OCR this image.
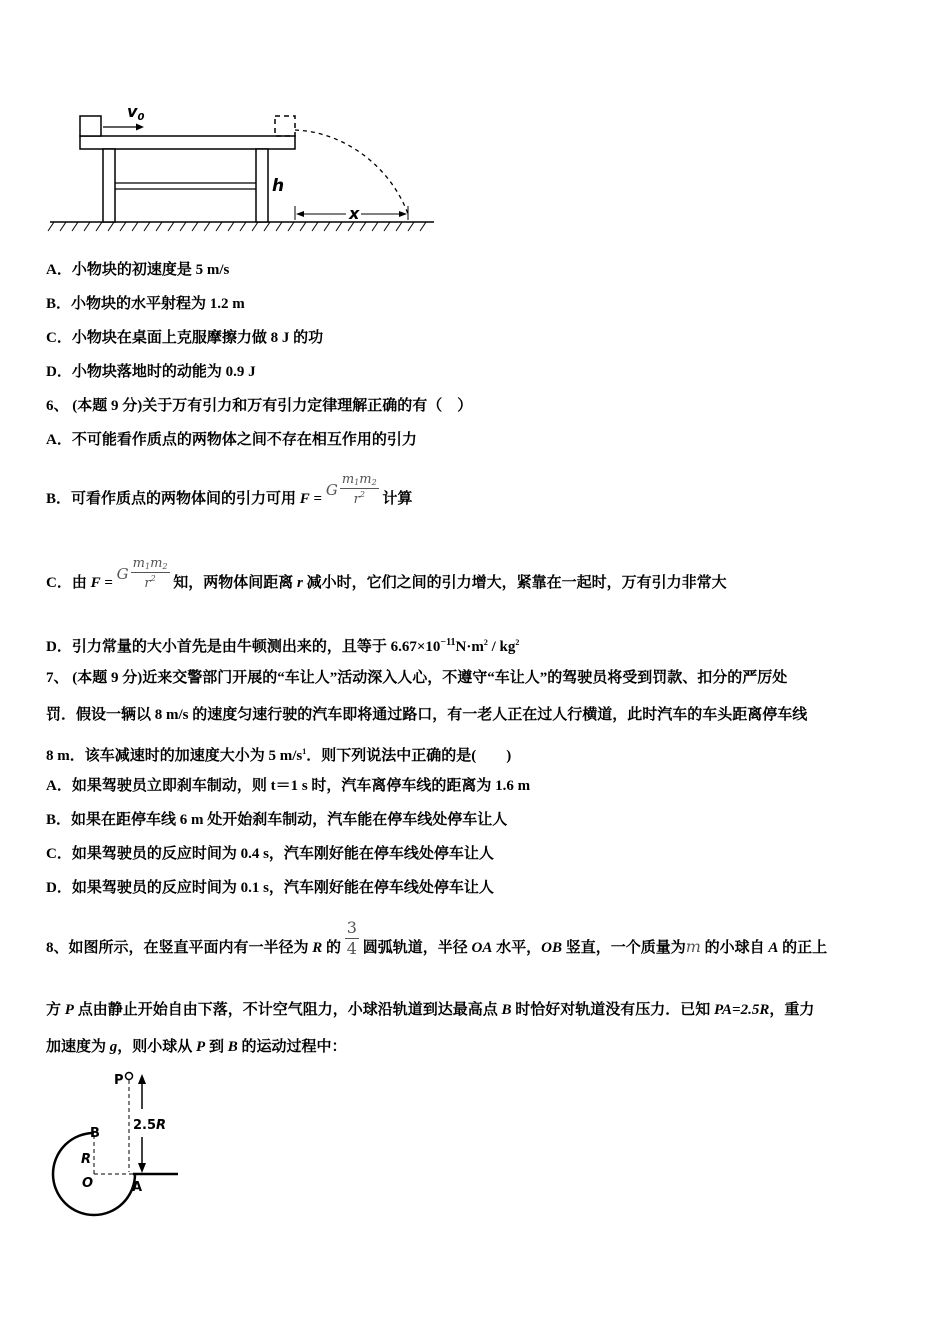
v0
h
x
A．小物块的初速度是 5 m/s
B．小物块的水平射程为 1.2 m
C．小物块在桌面上克服摩擦力做 8 J 的功
D．小物块落地时的动能为 0.9 J
6、 (本题 9 分)关于万有引力和万有引力定律理解正确的有（　）
A．不可能看作质点的两物体之间不存在相互作用的引力
B．可看作质点的两物体间的引力可用 F = G $\frac{m_1m_2}{r^2}$ 计算
C．由 F = G $\frac{m_1m_2}{r^2}$ 知，两物体间距离 r 减小时，它们之间的引力增大，紧靠在一起时，万有引力非常大
D．引力常量的大小首先是由牛顿测出来的，且等于 $6.67\times 10^{-11}N\cdot m^2 / kg^2$
7、 (本题 9 分)近来交警部门开展的“车让人”活动深入人心，不遵守“车让人”的驾驶员将受到罚款、扣分的严厉处
罚．假设一辆以 8 m/s 的速度匀速行驶的汽车即将通过路口，有一老人正在过人行横道，此时汽车的车头距离停车线
8 m．该车减速时的加速度大小为 5 $m/s^1$．则下列说法中正确的是(　　)
A．如果驾驶员立即刹车制动，则 t＝1 s 时，汽车离停车线的距离为 1.6 m
B．如果在距停车线 6 m 处开始刹车制动，汽车能在停车线处停车让人
C．如果驾驶员的反应时间为 0.4 s，汽车刚好能在停车线处停车让人
D．如果驾驶员的反应时间为 0.1 s，汽车刚好能在停车线处停车让人
8、如图所示，在竖直平面内有一半径为 R 的 $\frac{3}{4}$ 圆弧轨道，半径 OA 水平，OB 竖直，一个质量为m 的小球自 A 的正上
方 P 点由静止开始自由下落，不计空气阻力，小球沿轨道到达最高点 B 时恰好对轨道没有压力．已知 PA=2.5R，重力
加速度为 g，则小球从 P 到 B 的运动过程中：
P
2.5R
B
R
O	A
